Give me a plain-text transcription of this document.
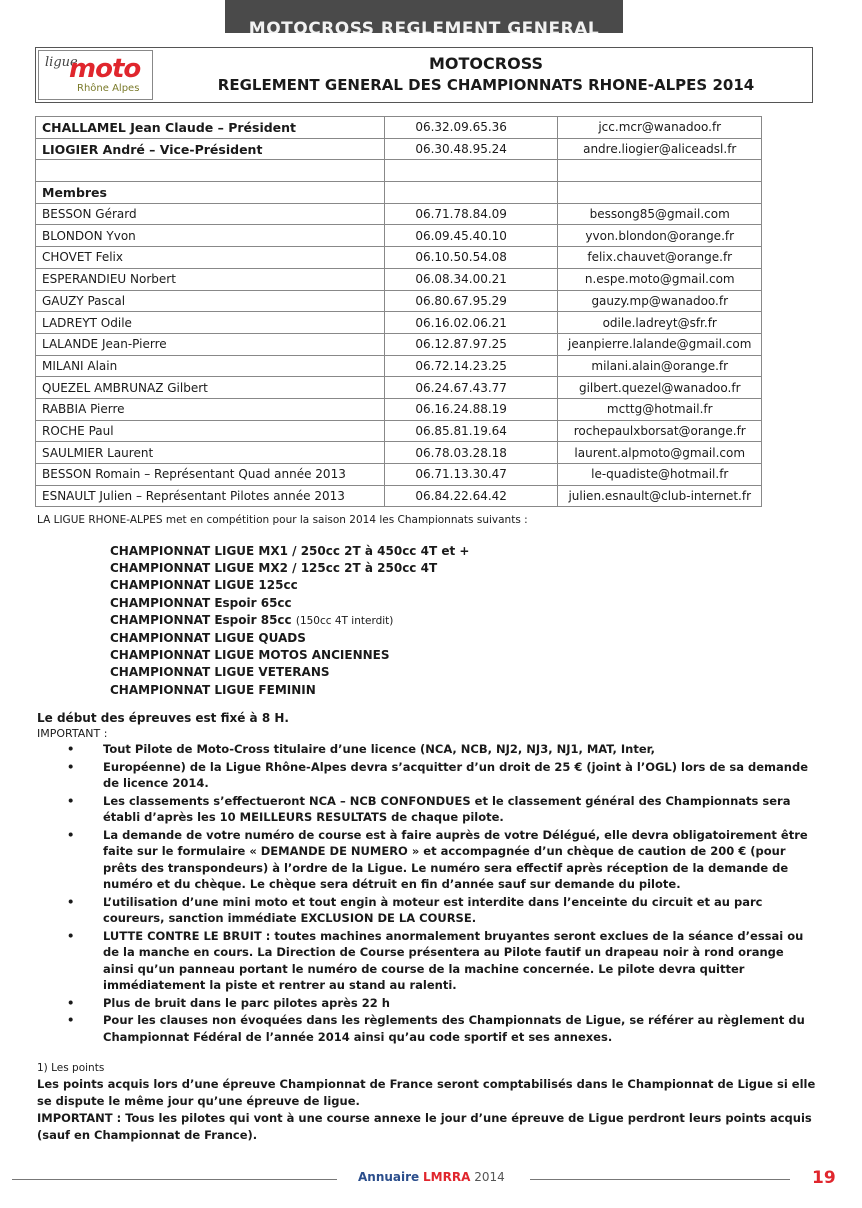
MOTOCROSS REGLEMENT GENERAL
ligue
moto
Rhône Alpes
MOTOCROSS
REGLEMENT GENERAL DES CHAMPIONNATS RHONE-ALPES 2014
CHALLAMEL Jean Claude – Président	06.32.09.65.36	jcc.mcr@wanadoo.fr
LIOGIER André – Vice-Président	06.30.48.95.24	andre.liogier@aliceadsl.fr

Membres		
BESSON Gérard	06.71.78.84.09	bessong85@gmail.com
BLONDON Yvon	06.09.45.40.10	yvon.blondon@orange.fr
CHOVET Felix	06.10.50.54.08	felix.chauvet@orange.fr
ESPERANDIEU Norbert	06.08.34.00.21	n.espe.moto@gmail.com
GAUZY Pascal	06.80.67.95.29	gauzy.mp@wanadoo.fr
LADREYT Odile	06.16.02.06.21	odile.ladreyt@sfr.fr
LALANDE Jean-Pierre	06.12.87.97.25	jeanpierre.lalande@gmail.com
MILANI Alain	06.72.14.23.25	milani.alain@orange.fr
QUEZEL AMBRUNAZ Gilbert	06.24.67.43.77	gilbert.quezel@wanadoo.fr
RABBIA Pierre	06.16.24.88.19	mcttg@hotmail.fr
ROCHE Paul	06.85.81.19.64	rochepaulxborsat@orange.fr
SAULMIER Laurent	06.78.03.28.18	laurent.alpmoto@gmail.com
BESSON Romain – Représentant Quad année 2013	06.71.13.30.47	le-quadiste@hotmail.fr
ESNAULT Julien – Représentant Pilotes année 2013	06.84.22.64.42	julien.esnault@club-internet.fr
LA LIGUE RHONE-ALPES met en compétition pour la saison 2014 les Championnats suivants :
CHAMPIONNAT LIGUE MX1 / 250cc 2T à 450cc 4T et +
CHAMPIONNAT LIGUE MX2 / 125cc 2T à 250cc 4T
CHAMPIONNAT LIGUE 125cc
CHAMPIONNAT Espoir 65cc
CHAMPIONNAT Espoir 85cc (150cc 4T interdit)
CHAMPIONNAT LIGUE QUADS
CHAMPIONNAT LIGUE MOTOS ANCIENNES
CHAMPIONNAT LIGUE VETERANS
CHAMPIONNAT LIGUE FEMININ
Le début des épreuves est fixé à 8 H.
IMPORTANT :
• Tout Pilote de Moto-Cross titulaire d’une licence (NCA, NCB, NJ2, NJ3, NJ1, MAT, Inter,
• Européenne) de la Ligue Rhône-Alpes devra s’acquitter d’un droit de 25 € (joint à l’OGL) lors de sa demande de licence 2014.
• Les classements s’effectueront NCA – NCB CONFONDUES et le classement général des Championnats sera établi d’après les 10 MEILLEURS RESULTATS de chaque pilote.
• La demande de votre numéro de course est à faire auprès de votre Délégué, elle devra obligatoirement être faite sur le formulaire « DEMANDE DE NUMERO » et accompagnée d’un chèque de caution de 200 € (pour prêts des transpondeurs) à l’ordre de la Ligue. Le numéro sera effectif après réception de la demande de numéro et du chèque. Le chèque sera détruit en fin d’année sauf sur demande du pilote.
• L’utilisation d’une mini moto et tout engin à moteur est interdite dans l’enceinte du circuit et au parc coureurs, sanction immédiate EXCLUSION DE LA COURSE.
• LUTTE CONTRE LE BRUIT : toutes machines anormalement bruyantes seront exclues de la séance d’essai ou de la manche en cours. La Direction de Course présentera au Pilote fautif un drapeau noir à rond orange ainsi qu’un panneau portant le numéro de course de la machine concernée. Le pilote devra quitter immédiatement la piste et rentrer au stand au ralenti.
• Plus de bruit dans le parc pilotes après 22 h
• Pour les clauses non évoquées dans les règlements des Championnats de Ligue, se référer au règlement du Championnat Fédéral de l’année 2014 ainsi qu’au code sportif et ses annexes.
1) Les points
Les points acquis lors d’une épreuve Championnat de France seront comptabilisés dans le Championnat de Ligue si elle se dispute le même jour qu’une épreuve de ligue.
IMPORTANT : Tous les pilotes qui vont à une course annexe le jour d’une épreuve de Ligue perdront leurs points acquis (sauf en Championnat de France).
Annuaire LMRRA 2014	19
